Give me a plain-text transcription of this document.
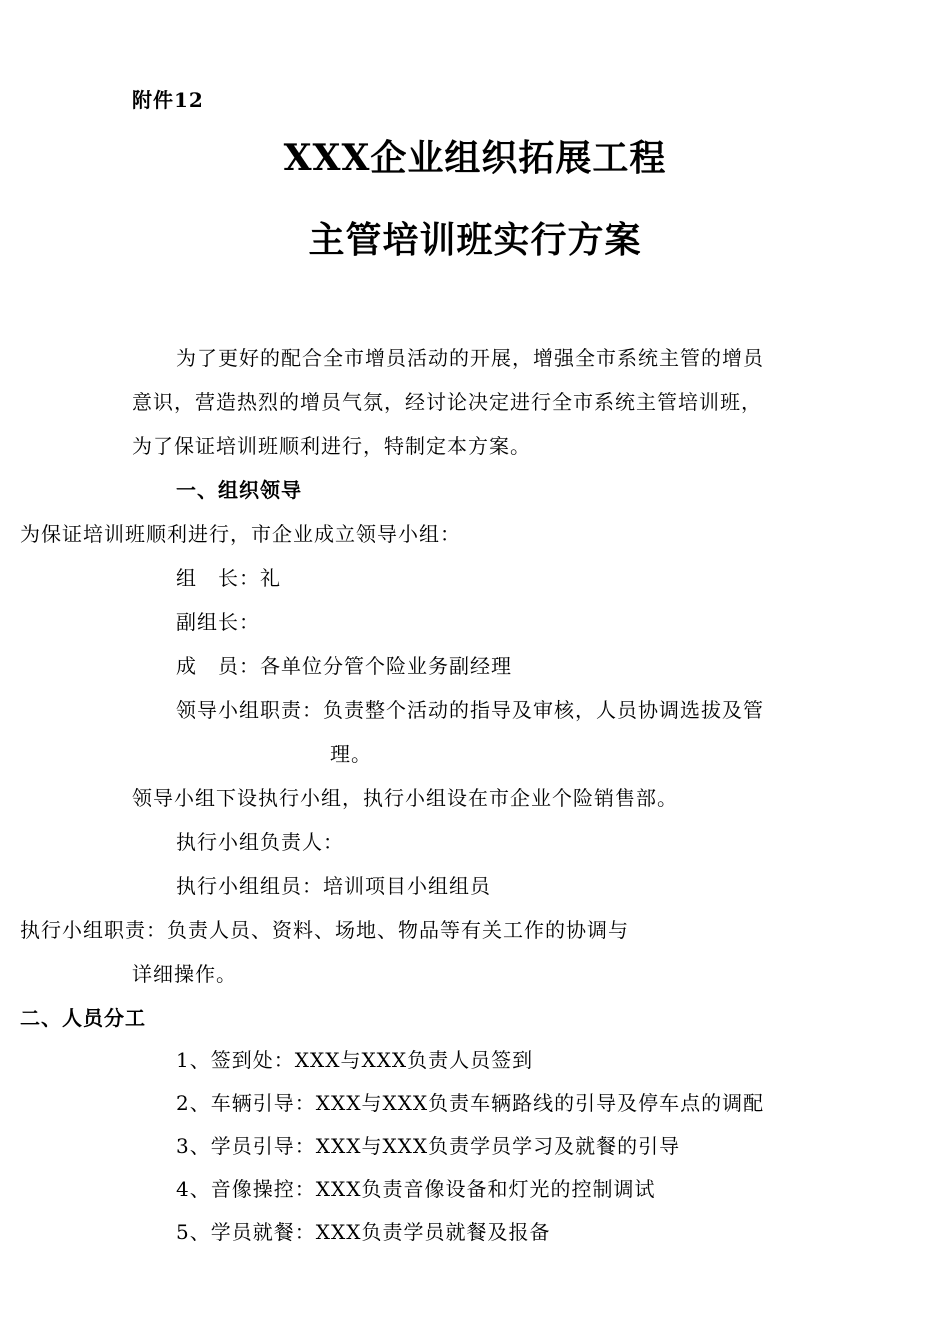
附件12
XXX企业组织拓展工程
主管培训班实行方案
为了更好的配合全市增员活动的开展，增强全市系统主管的增员
意识，营造热烈的增员气氛，经讨论决定进行全市系统主管培训班，
为了保证培训班顺利进行，特制定本方案。
一、组织领导
为保证培训班顺利进行，市企业成立领导小组：
组　长：礼
副组长：
成　员：各单位分管个险业务副经理
领导小组职责：负责整个活动的指导及审核，人员协调选拔及管
理。
领导小组下设执行小组，执行小组设在市企业个险销售部。
执行小组负责人：
执行小组组员：培训项目小组组员
执行小组职责：负责人员、资料、场地、物品等有关工作的协调与
详细操作。
二、人员分工
1、签到处：XXX与XXX负责人员签到
2、车辆引导：XXX与XXX负责车辆路线的引导及停车点的调配
3、学员引导：XXX与XXX负责学员学习及就餐的引导
4、音像操控：XXX负责音像设备和灯光的控制调试
5、学员就餐：XXX负责学员就餐及报备
